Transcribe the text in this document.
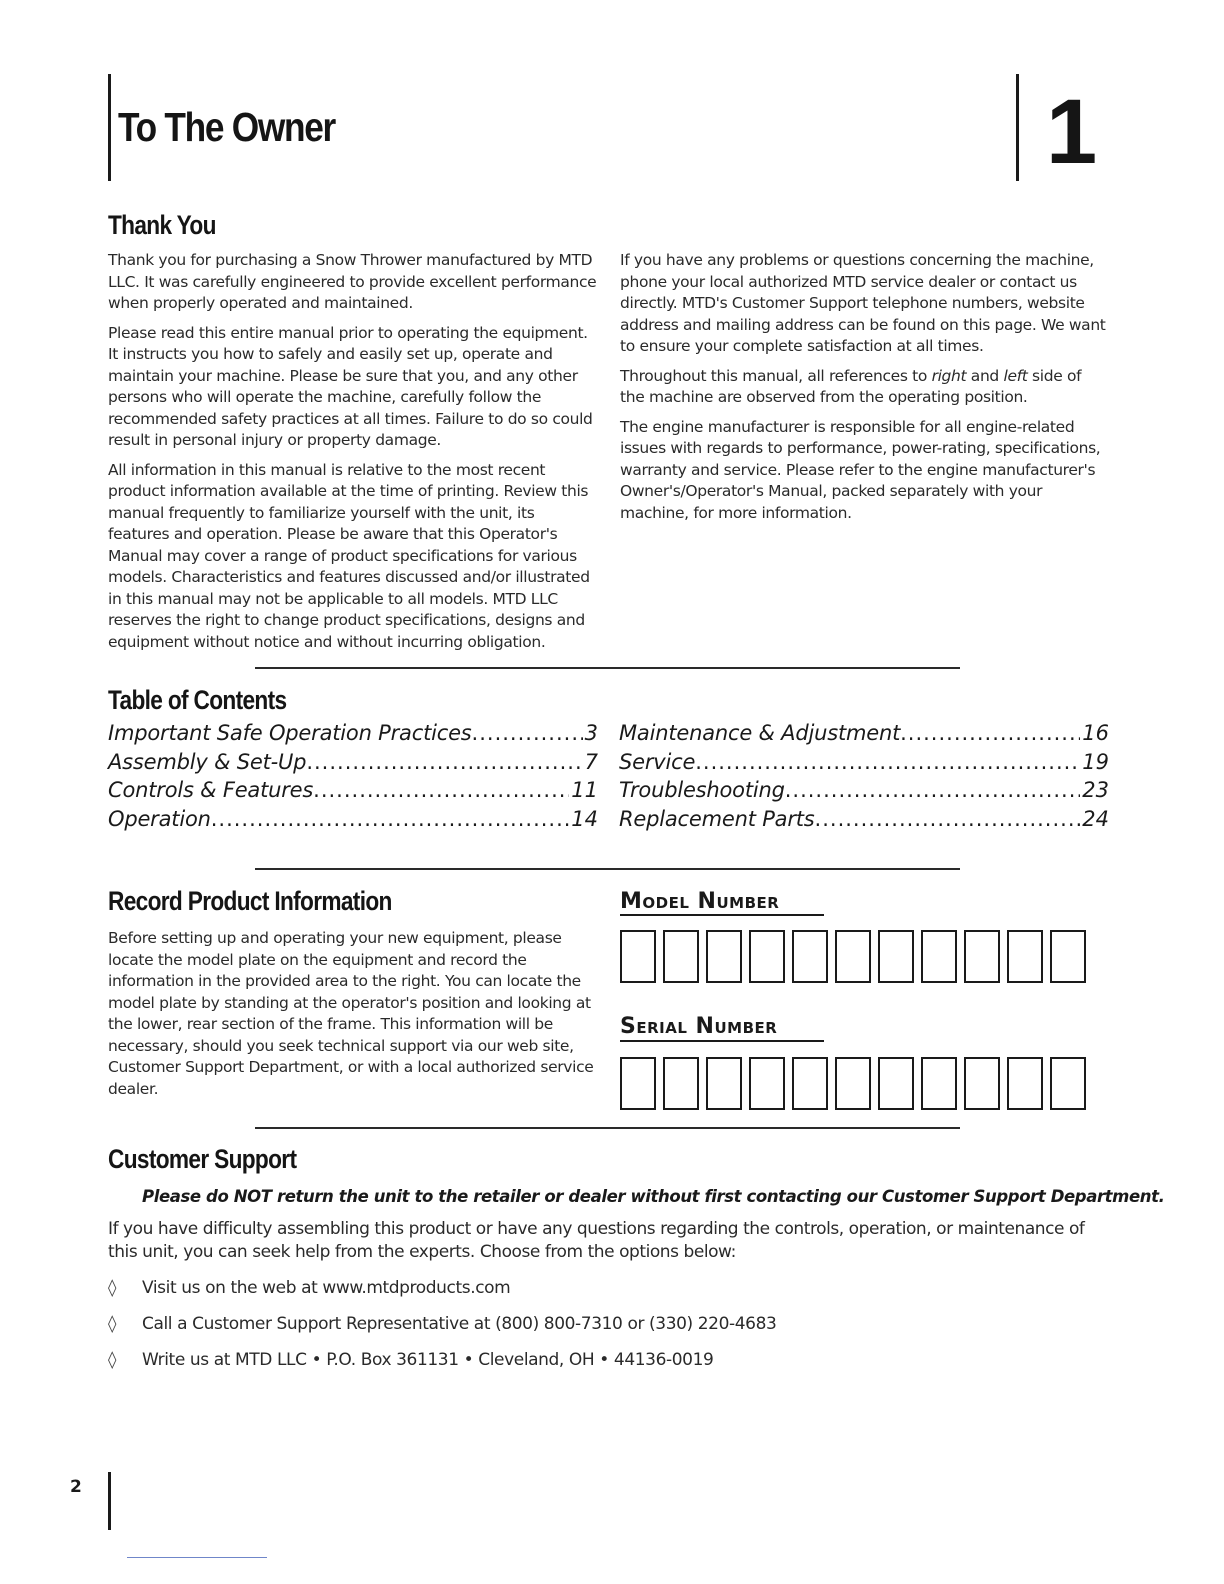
To The Owner	1
Thank You

Thank you for purchasing a Snow Thrower manufactured by MTD LLC. It was carefully engineered to provide excellent performance when properly operated and maintained.

Please read this entire manual prior to operating the equipment. It instructs you how to safely and easily set up, operate and maintain your machine. Please be sure that you, and any other persons who will operate the machine, carefully follow the recommended safety practices at all times. Failure to do so could result in personal injury or property damage.

All information in this manual is relative to the most recent product information available at the time of printing. Review this manual frequently to familiarize yourself with the unit, its features and operation. Please be aware that this Operator's Manual may cover a range of product specifications for various models. Characteristics and features discussed and/or illustrated in this manual may not be applicable to all models. MTD LLC reserves the right to change product specifications, designs and equipment without notice and without incurring obligation.

If you have any problems or questions concerning the machine, phone your local authorized MTD service dealer or contact us directly. MTD's Customer Support telephone numbers, website address and mailing address can be found on this page. We want to ensure your complete satisfaction at all times.

Throughout this manual, all references to right and left side of the machine are observed from the operating position.

The engine manufacturer is responsible for all engine-related issues with regards to performance, power-rating, specifications, warranty and service. Please refer to the engine manufacturer's Owner's/Operator's Manual, packed separately with your machine, for more information.

Table of Contents
Important Safe Operation Practices .....	3
Assembly & Set-Up .....	7
Controls & Features .....	11
Operation .....	14
Maintenance & Adjustment .....	16
Service .....	19
Troubleshooting .....	23
Replacement Parts .....	24
Record Product Information

Before setting up and operating your new equipment, please locate the model plate on the equipment and record the information in the provided area to the right. You can locate the model plate by standing at the operator's position and looking at the lower, rear section of the frame. This information will be necessary, should you seek technical support via our web site, Customer Support Department, or with a local authorized service dealer.

Model Number
Serial Number
Customer Support

Please do NOT return the unit to the retailer or dealer without first contacting our Customer Support Department.

If you have difficulty assembling this product or have any questions regarding the controls, operation, or maintenance of this unit, you can seek help from the experts. Choose from the options below:

◊ Visit us on the web at www.mtdproducts.com
◊ Call a Customer Support Representative at (800) 800-7310 or (330) 220-4683
◊ Write us at MTD LLC • P.O. Box 361131 • Cleveland, OH • 44136-0019
2
